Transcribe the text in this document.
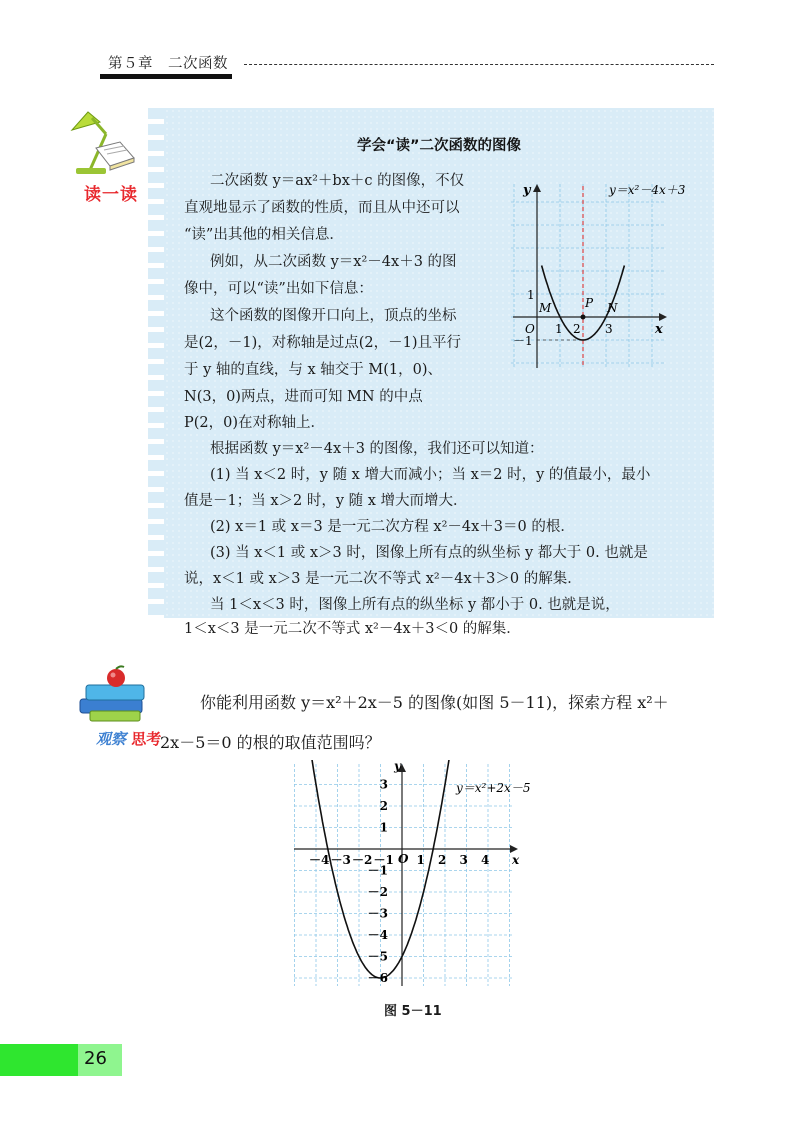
第５章　二次函数
读一读
学会“读”二次函数的图像
二次函数 y＝ax²＋bx＋c 的图像，不仅
直观地显示了函数的性质，而且从中还可以
“读”出其他的相关信息．
例如，从二次函数 y＝x²－4x＋3 的图
像中，可以“读”出如下信息：
这个函数的图像开口向上，顶点的坐标
是(2，－1)，对称轴是过点(2，－1)且平行
于 y 轴的直线，与 x 轴交于 M(1，0)、
N(3，0)两点，进而可知 MN 的中点
P(2，0)在对称轴上．
根据函数 y＝x²－4x＋3 的图像，我们还可以知道：
(1) 当 x＜2 时，y 随 x 增大而减小；当 x＝2 时，y 的值最小，最小
值是－1；当 x＞2 时，y 随 x 增大而增大．
(2) x＝1 或 x＝3 是一元二次方程 x²－4x＋3＝0 的根．
(3) 当 x＜1 或 x＞3 时，图像上所有点的纵坐标 y 都大于 0. 也就是
说，x＜1 或 x＞3 是一元二次不等式 x²－4x＋3＞0 的解集．
当 1＜x＜3 时，图像上所有点的纵坐标 y 都小于 0. 也就是说，
1＜x＜3 是一元二次不等式 x²－4x＋3＜0 的解集．
y
x
y＝x²－4x＋3
O 1 2 3
1
－1
M	P N
观察 思考
你能利用函数 y＝x²＋2x－5 的图像(如图 5－11)，探索方程 x²＋
2x－5＝0 的根的取值范围吗？
－4 －3 －2 －1 1 2 3 4
3
2
1
－1
－2
－3
－4
－5
－6
y
x
O
y＝x²+2x－5
图 5－11
26
